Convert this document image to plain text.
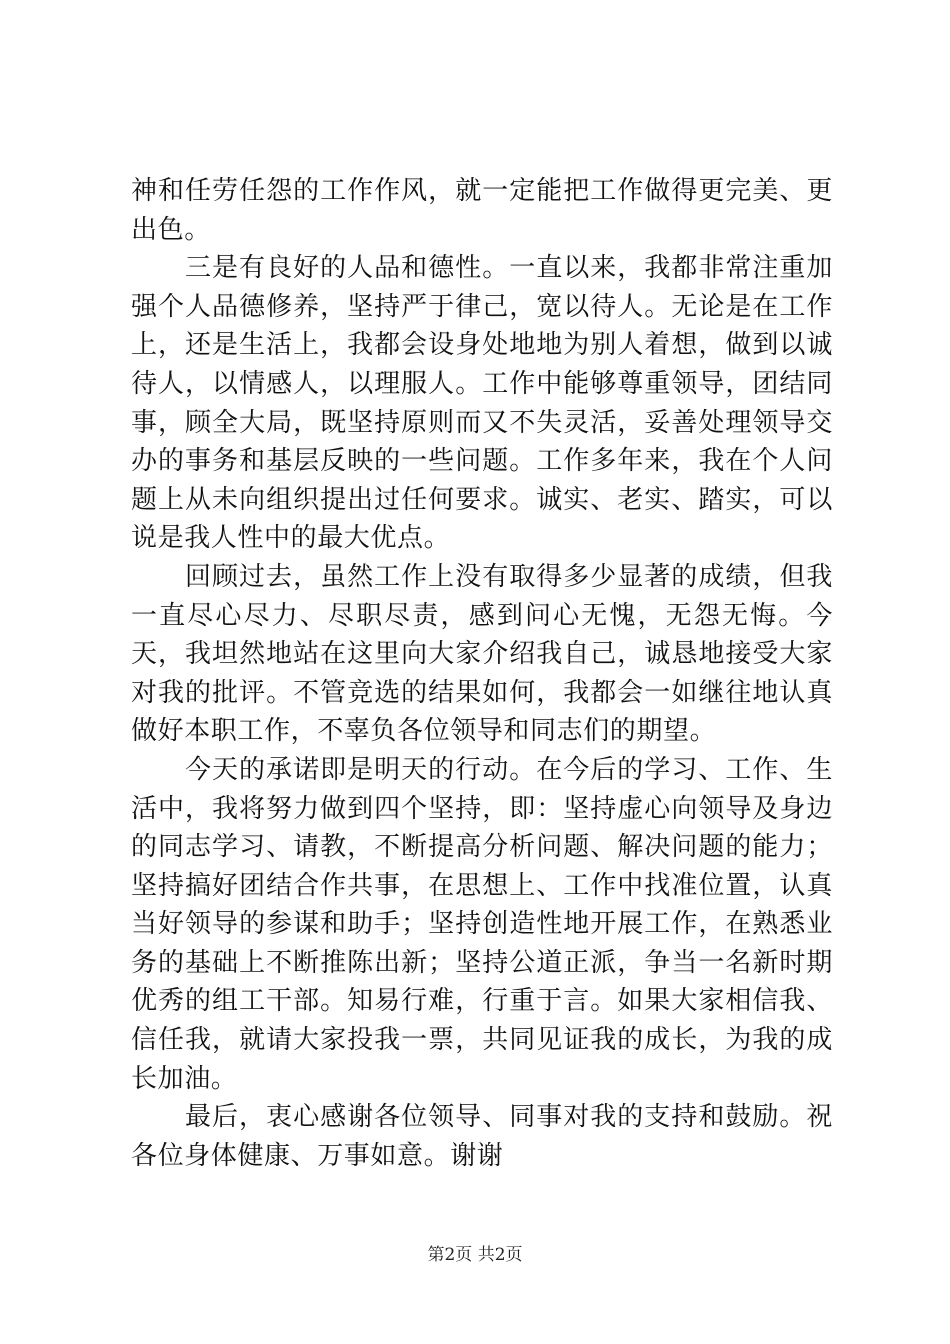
神和任劳任怨的工作作风，就一定能把工作做得更完美、更出色。

三是有良好的人品和德性。一直以来，我都非常注重加强个人品德修养，坚持严于律己，宽以待人。无论是在工作上，还是生活上，我都会设身处地地为别人着想，做到以诚待人，以情感人，以理服人。工作中能够尊重领导，团结同事，顾全大局，既坚持原则而又不失灵活，妥善处理领导交办的事务和基层反映的一些问题。工作多年来，我在个人问题上从未向组织提出过任何要求。诚实、老实、踏实，可以说是我人性中的最大优点。

回顾过去，虽然工作上没有取得多少显著的成绩，但我一直尽心尽力、尽职尽责，感到问心无愧，无怨无悔。今天，我坦然地站在这里向大家介绍我自己，诚恳地接受大家对我的批评。不管竞选的结果如何，我都会一如继往地认真做好本职工作，不辜负各位领导和同志们的期望。

今天的承诺即是明天的行动。在今后的学习、工作、生活中，我将努力做到四个坚持，即：坚持虚心向领导及身边的同志学习、请教，不断提高分析问题、解决问题的能力；坚持搞好团结合作共事，在思想上、工作中找准位置，认真当好领导的参谋和助手；坚持创造性地开展工作，在熟悉业务的基础上不断推陈出新；坚持公道正派，争当一名新时期优秀的组工干部。知易行难，行重于言。如果大家相信我、信任我，就请大家投我一票，共同见证我的成长，为我的成长加油。

最后，衷心感谢各位领导、同事对我的支持和鼓励。祝各位身体健康、万事如意。谢谢

第2页 共2页
